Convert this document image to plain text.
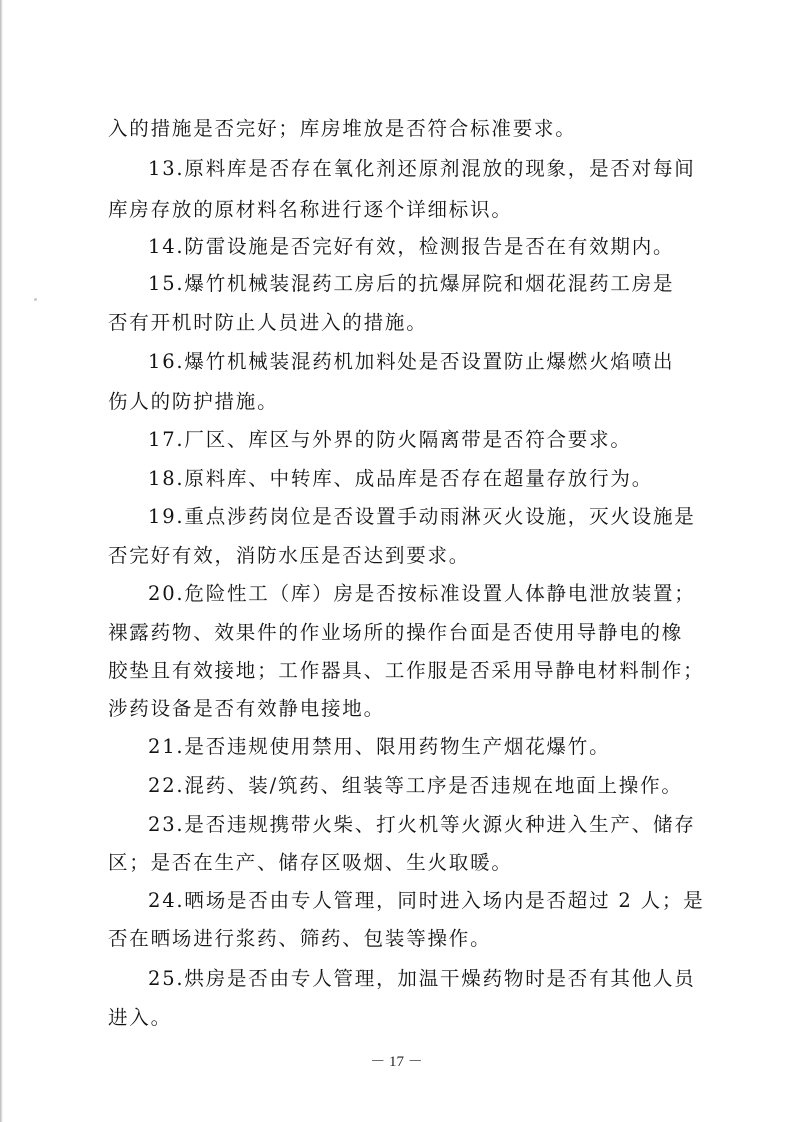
入的措施是否完好；库房堆放是否符合标准要求。
13.原料库是否存在氧化剂还原剂混放的现象，是否对每间
库房存放的原材料名称进行逐个详细标识。
14.防雷设施是否完好有效，检测报告是否在有效期内。
15.爆竹机械装混药工房后的抗爆屏院和烟花混药工房是
否有开机时防止人员进入的措施。
16.爆竹机械装混药机加料处是否设置防止爆燃火焰喷出
伤人的防护措施。
17.厂区、库区与外界的防火隔离带是否符合要求。
18.原料库、中转库、成品库是否存在超量存放行为。
19.重点涉药岗位是否设置手动雨淋灭火设施，灭火设施是
否完好有效，消防水压是否达到要求。
20.危险性工（库）房是否按标准设置人体静电泄放装置；
裸露药物、效果件的作业场所的操作台面是否使用导静电的橡
胶垫且有效接地；工作器具、工作服是否采用导静电材料制作；
涉药设备是否有效静电接地。
21.是否违规使用禁用、限用药物生产烟花爆竹。
22.混药、装/筑药、组装等工序是否违规在地面上操作。
23.是否违规携带火柴、打火机等火源火种进入生产、储存
区；是否在生产、储存区吸烟、生火取暖。
24.晒场是否由专人管理，同时进入场内是否超过 2 人；是
否在晒场进行浆药、筛药、包装等操作。
25.烘房是否由专人管理，加温干燥药物时是否有其他人员
进入。
－ 17 －
